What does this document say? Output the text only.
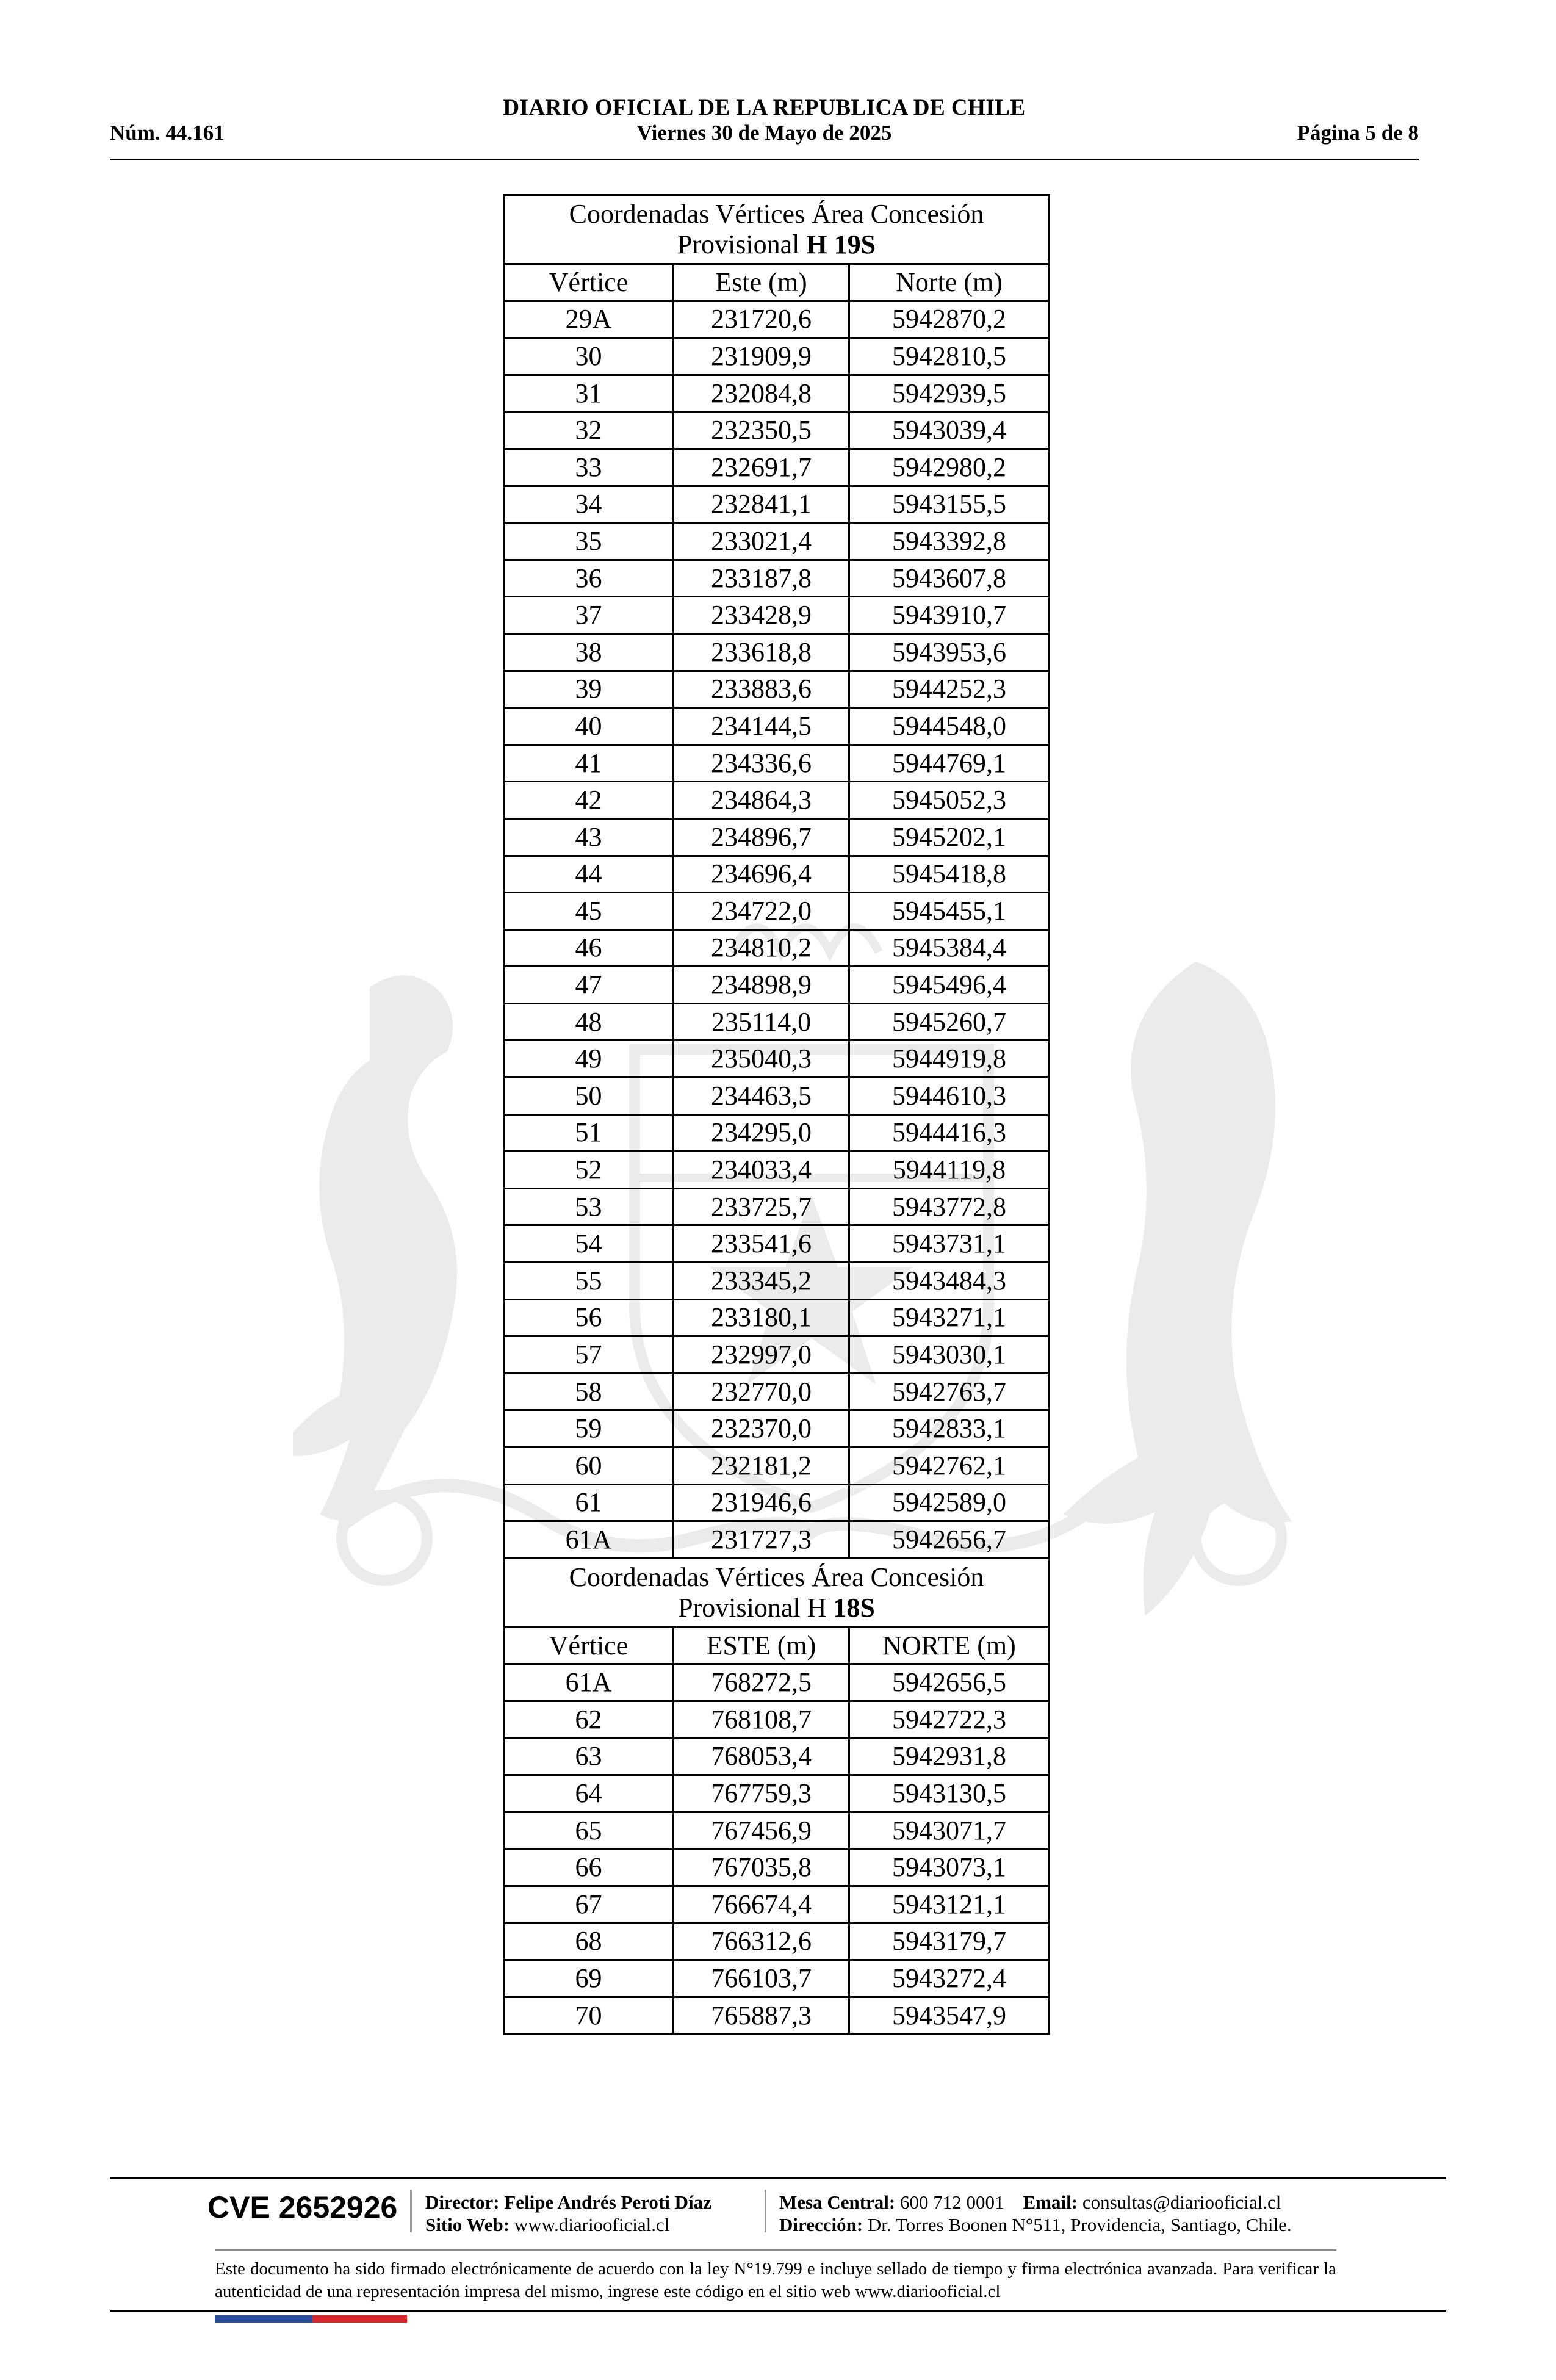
DIARIO OFICIAL DE LA REPUBLICA DE CHILE
Núm. 44.161	Viernes 30 de Mayo de 2025	Página 5 de 8
Coordenadas Vértices Área Concesión
Provisional H 19S		
Vértice	Este (m)	Norte (m)
29A	231720,6	5942870,2
30	231909,9	5942810,5
31	232084,8	5942939,5
32	232350,5	5943039,4
33	232691,7	5942980,2
34	232841,1	5943155,5
35	233021,4	5943392,8
36	233187,8	5943607,8
37	233428,9	5943910,7
38	233618,8	5943953,6
39	233883,6	5944252,3
40	234144,5	5944548,0
41	234336,6	5944769,1
42	234864,3	5945052,3
43	234896,7	5945202,1
44	234696,4	5945418,8
45	234722,0	5945455,1
46	234810,2	5945384,4
47	234898,9	5945496,4
48	235114,0	5945260,7
49	235040,3	5944919,8
50	234463,5	5944610,3
51	234295,0	5944416,3
52	234033,4	5944119,8
53	233725,7	5943772,8
54	233541,6	5943731,1
55	233345,2	5943484,3
56	233180,1	5943271,1
57	232997,0	5943030,1
58	232770,0	5942763,7
59	232370,0	5942833,1
60	232181,2	5942762,1
61	231946,6	5942589,0
61A	231727,3	5942656,7
Coordenadas Vértices Área Concesión
Provisional H 18S		
Vértice	ESTE (m)	NORTE (m)
61A	768272,5	5942656,5
62	768108,7	5942722,3
63	768053,4	5942931,8
64	767759,3	5943130,5
65	767456,9	5943071,7
66	767035,8	5943073,1
67	766674,4	5943121,1
68	766312,6	5943179,7
69	766103,7	5943272,4
70	765887,3	5943547,9
CVE 2652926 Director: Felipe Andrés Peroti Díaz
Sitio Web: www.diariooficial.cl
Mesa Central: 600 712 0001 Email: consultas@diariooficial.cl
Dirección: Dr. Torres Boonen N°511, Providencia, Santiago, Chile.
Este documento ha sido firmado electrónicamente de acuerdo con la ley N°19.799 e incluye sellado de tiempo y firma electrónica avanzada. Para verificar la autenticidad de una representación impresa del mismo, ingrese este código en el sitio web www.diariooficial.cl
